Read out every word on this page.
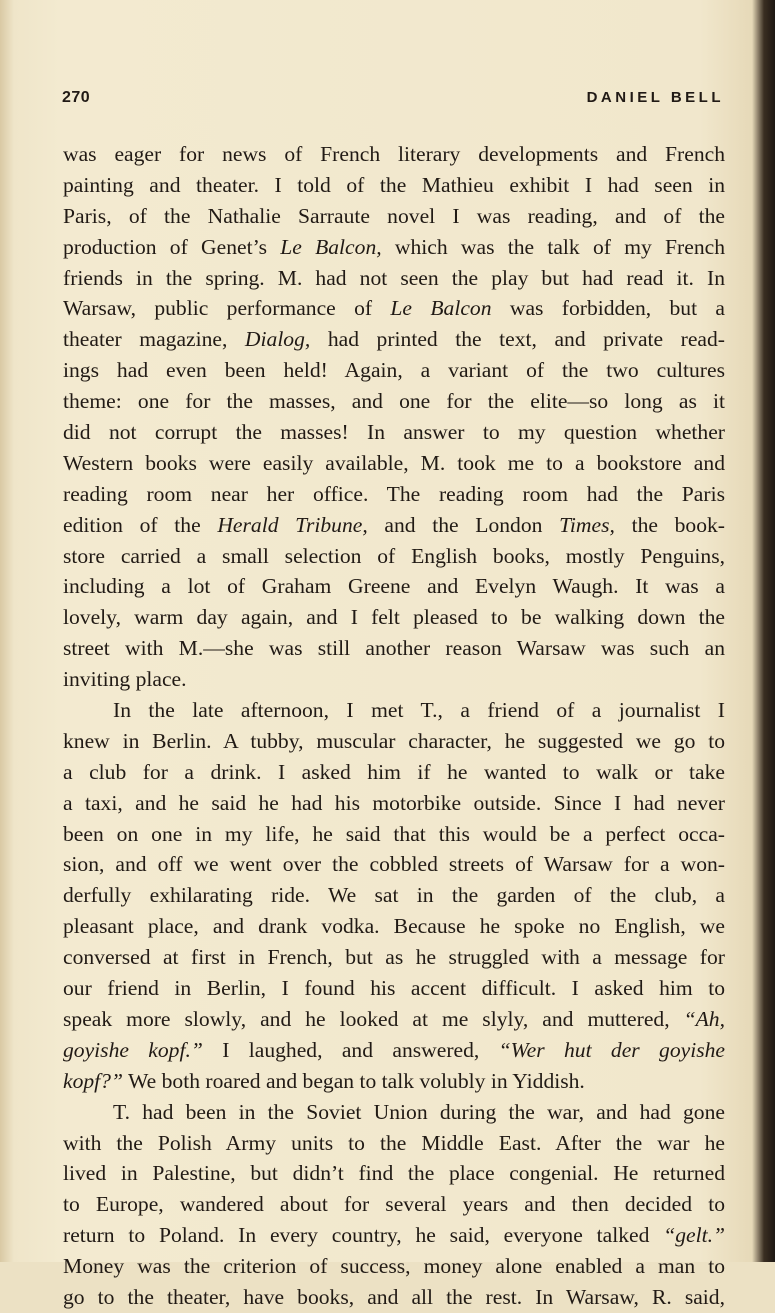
270	DANIEL BELL
was eager for news of French literary developments and French
painting and theater. I told of the Mathieu exhibit I had seen in
Paris, of the Nathalie Sarraute novel I was reading, and of the
production of Genet’s Le Balcon, which was the talk of my French
friends in the spring. M. had not seen the play but had read it. In
Warsaw, public performance of Le Balcon was forbidden, but a
theater magazine, Dialog, had printed the text, and private read-
ings had even been held! Again, a variant of the two cultures
theme: one for the masses, and one for the elite—so long as it
did not corrupt the masses! In answer to my question whether
Western books were easily available, M. took me to a bookstore and
reading room near her office. The reading room had the Paris
edition of the Herald Tribune, and the London Times, the book-
store carried a small selection of English books, mostly Penguins,
including a lot of Graham Greene and Evelyn Waugh. It was a
lovely, warm day again, and I felt pleased to be walking down the
street with M.—she was still another reason Warsaw was such an
inviting place.
In the late afternoon, I met T., a friend of a journalist I
knew in Berlin. A tubby, muscular character, he suggested we go to
a club for a drink. I asked him if he wanted to walk or take
a taxi, and he said he had his motorbike outside. Since I had never
been on one in my life, he said that this would be a perfect occa-
sion, and off we went over the cobbled streets of Warsaw for a won-
derfully exhilarating ride. We sat in the garden of the club, a
pleasant place, and drank vodka. Because he spoke no English, we
conversed at first in French, but as he struggled with a message for
our friend in Berlin, I found his accent difficult. I asked him to
speak more slowly, and he looked at me slyly, and muttered, “Ah,
goyishe kopf.” I laughed, and answered, “Wer hut der goyishe
kopf?” We both roared and began to talk volubly in Yiddish.
T. had been in the Soviet Union during the war, and had gone
with the Polish Army units to the Middle East. After the war he
lived in Palestine, but didn’t find the place congenial. He returned
to Europe, wandered about for several years and then decided to
return to Poland. In every country, he said, everyone talked “gelt.”
Money was the criterion of success, money alone enabled a man to
go to the theater, have books, and all the rest. In Warsaw, R. said,
